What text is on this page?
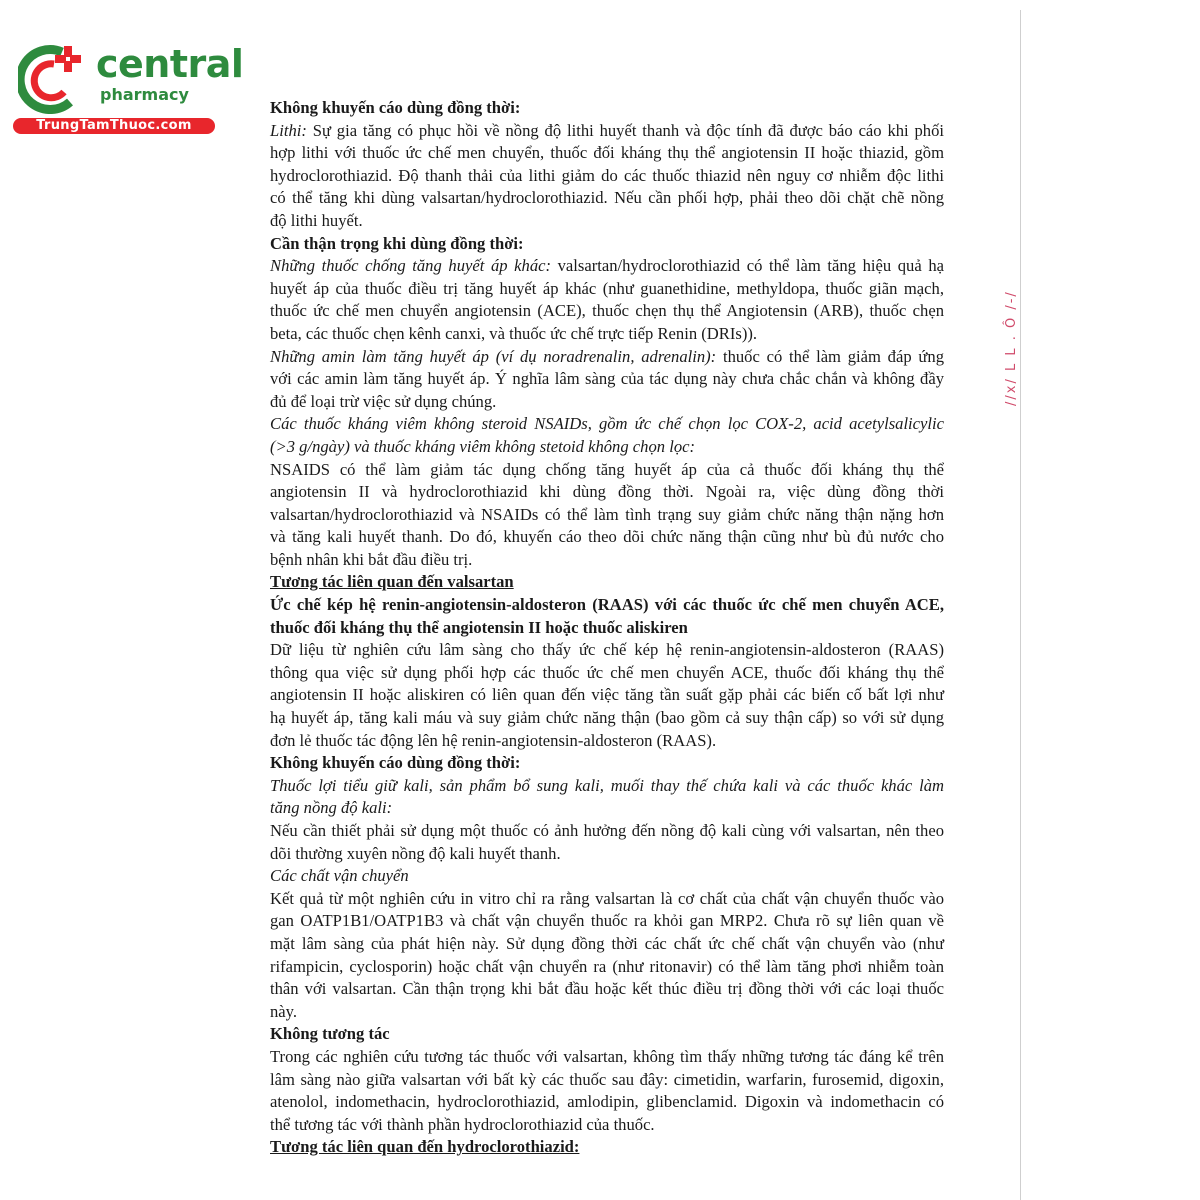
central
pharmacy
TrungTamThuoc.com
Không khuyến cáo dùng đồng thời:
Lithi: Sự gia tăng có phục hồi về nồng độ lithi huyết thanh và độc tính đã được báo cáo khi phối
hợp lithi với thuốc ức chế men chuyển, thuốc đối kháng thụ thể angiotensin II hoặc thiazid, gồm
hydroclorothiazid. Độ thanh thải của lithi giảm do các thuốc thiazid nên nguy cơ nhiễm độc lithi
có thể tăng khi dùng valsartan/hydroclorothiazid. Nếu cần phối hợp, phải theo dõi chặt chẽ nồng
độ lithi huyết.
Cần thận trọng khi dùng đồng thời:
Những thuốc chống tăng huyết áp khác: valsartan/hydroclorothiazid có thể làm tăng hiệu quả hạ
huyết áp của thuốc điều trị tăng huyết áp khác (như guanethidine, methyldopa, thuốc giãn mạch,
thuốc ức chế men chuyển angiotensin (ACE), thuốc chẹn thụ thể Angiotensin (ARB), thuốc chẹn
beta, các thuốc chẹn kênh canxi, và thuốc ức chế trực tiếp Renin (DRIs)).
Những amin làm tăng huyết áp (ví dụ noradrenalin, adrenalin): thuốc có thể làm giảm đáp ứng
với các amin làm tăng huyết áp. Ý nghĩa lâm sàng của tác dụng này chưa chắc chắn và không đầy
đủ để loại trừ việc sử dụng chúng.
Các thuốc kháng viêm không steroid NSAIDs, gồm ức chế chọn lọc COX-2, acid acetylsalicylic
(>3 g/ngày) và thuốc kháng viêm không stetoid không chọn lọc:
NSAIDS có thể làm giảm tác dụng chống tăng huyết áp của cả thuốc đối kháng thụ thể
angiotensin II và hydroclorothiazid khi dùng đồng thời. Ngoài ra, việc dùng đồng thời
valsartan/hydroclorothiazid và NSAIDs có thể làm tình trạng suy giảm chức năng thận nặng hơn
và tăng kali huyết thanh. Do đó, khuyến cáo theo dõi chức năng thận cũng như bù đủ nước cho
bệnh nhân khi bắt đầu điều trị.
Tương tác liên quan đến valsartan
Ức chế kép hệ renin-angiotensin-aldosteron (RAAS) với các thuốc ức chế men chuyển ACE,
thuốc đối kháng thụ thể angiotensin II hoặc thuốc aliskiren
Dữ liệu từ nghiên cứu lâm sàng cho thấy ức chế kép hệ renin-angiotensin-aldosteron (RAAS)
thông qua việc sử dụng phối hợp các thuốc ức chế men chuyển ACE, thuốc đối kháng thụ thể
angiotensin II hoặc aliskiren có liên quan đến việc tăng tần suất gặp phải các biến cố bất lợi như
hạ huyết áp, tăng kali máu và suy giảm chức năng thận (bao gồm cả suy thận cấp) so với sử dụng
đơn lẻ thuốc tác động lên hệ renin-angiotensin-aldosteron (RAAS).
Không khuyến cáo dùng đồng thời:
Thuốc lợi tiểu giữ kali, sản phẩm bổ sung kali, muối thay thế chứa kali và các thuốc khác làm
tăng nồng độ kali:
Nếu cần thiết phải sử dụng một thuốc có ảnh hưởng đến nồng độ kali cùng với valsartan, nên theo
dõi thường xuyên nồng độ kali huyết thanh.
Các chất vận chuyển
Kết quả từ một nghiên cứu in vitro chỉ ra rằng valsartan là cơ chất của chất vận chuyển thuốc vào
gan OATP1B1/OATP1B3 và chất vận chuyển thuốc ra khỏi gan MRP2. Chưa rõ sự liên quan về
mặt lâm sàng của phát hiện này. Sử dụng đồng thời các chất ức chế chất vận chuyển vào (như
rifampicin, cyclosporin) hoặc chất vận chuyển ra (như ritonavir) có thể làm tăng phơi nhiễm toàn
thân với valsartan. Cần thận trọng khi bắt đầu hoặc kết thúc điều trị đồng thời với các loại thuốc
này.
Không tương tác
Trong các nghiên cứu tương tác thuốc với valsartan, không tìm thấy những tương tác đáng kể trên
lâm sàng nào giữa valsartan với bất kỳ các thuốc sau đây: cimetidin, warfarin, furosemid, digoxin,
atenolol, indomethacin, hydroclorothiazid, amlodipin, glibenclamid. Digoxin và indomethacin có
thể tương tác với thành phần hydroclorothiazid của thuốc.
Tương tác liên quan đến hydroclorothiazid:
//x/ L L . Ô /-/
